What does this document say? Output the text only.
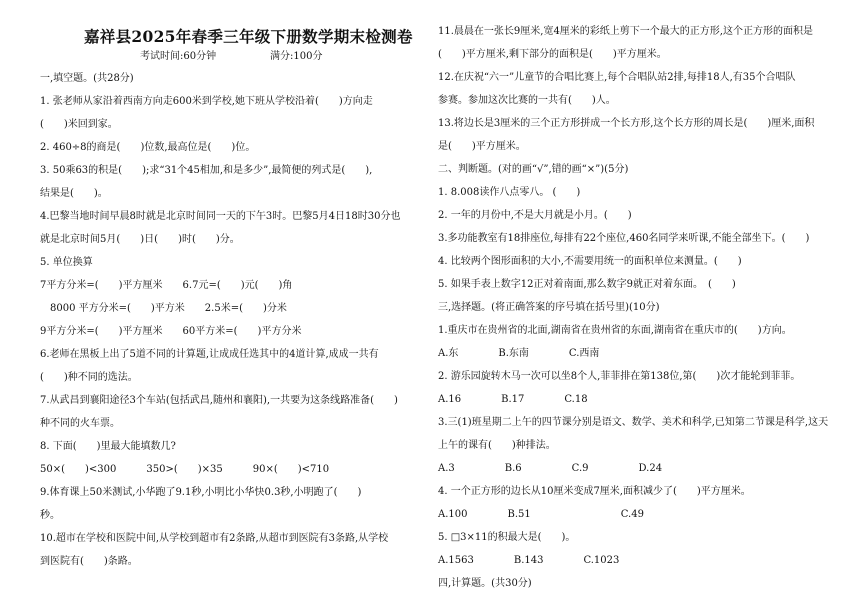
嘉祥县2025年春季三年级下册数学期末检测卷
考试时间:60分钟	满分:100分
一,填空题。(共28分)
1. 张老师从家沿着西南方向走600米到学校,她下班从学校沿着(　　)方向走
(　　)米回到家。
2. 460÷8的商是(　　)位数,最高位是(　　)位。
3. 50乘63的积是(　　);求“31个45相加,和是多少”,最简便的列式是(　　),
结果是(　　)。
4.巴黎当地时间早晨8时就是北京时间同一天的下午3时。巴黎5月4日18时30分也
就是北京时间5月(　　)日(　　)时(　　)分。
5. 单位换算
7平方分米=(　　)平方厘米　　6.7元=(　　)元(　　)角
　8000 平方分米=(　　)平方米　　2.5米=(　　)分米
9平方分米=(　　)平方厘米　　60平方米=(　　)平方分米
6.老师在黑板上出了5道不同的计算题,让成成任选其中的4道计算,成成一共有
(　　)种不同的选法。
7.从武昌到襄阳途径3个车站(包括武昌,随州和襄阳),一共要为这条线路准备(　　)
种不同的火车票。
8. 下面(　　)里最大能填数几?
50×(　　)<300　　　350>(　　)×35　　　90×(　　)<710
9.体育课上50米测试,小华跑了9.1秒,小明比小华快0.3秒,小明跑了(　　)
秒。
10.超市在学校和医院中间,从学校到超市有2条路,从超市到医院有3条路,从学校
到医院有(　　)条路。
11.晨晨在一张长9厘米,宽4厘米的彩纸上剪下一个最大的正方形,这个正方形的面积是
(　　)平方厘米,剩下部分的面积是(　　)平方厘米。
12.在庆祝“六一”儿童节的合唱比赛上,每个合唱队站2排,每排18人,有35个合唱队
参赛。参加这次比赛的一共有(　　)人。
13.将边长是3厘米的三个正方形拼成一个长方形,这个长方形的周长是(　　)厘米,面积
是(　　)平方厘米。
二、判断题。(对的画“√”,错的画“×”)(5分)
1. 8.008读作八点零八。 (　　)
2. 一年的月份中,不是大月就是小月。(　　)
3.多功能教室有18排座位,每排有22个座位,460名同学来听课,不能全部坐下。(　　)
4. 比较两个图形面积的大小,不需要用统一的面积单位来测量。(　　)
5. 如果手表上数字12正对着南面,那么数字9就正对着东面。　(　　)
三,选择题。(将正确答案的序号填在括号里)(10分)
1.重庆市在贵州省的北面,湖南省在贵州省的东面,湖南省在重庆市的(　　)方向。
A.东　　　　B.东南　　　　C.西南
2. 游乐园旋转木马一次可以坐8个人,菲菲排在第138位,第(　　)次才能轮到菲菲。
A.16　　　　B.17　　　　C.18
3.三(1)班星期二上午的四节课分别是语文、数学、美术和科学,已知第二节课是科学,这天
上午的课有(　　)种排法。
A.3　　　　　B.6　　　　　C.9　　　　　D.24
4. 一个正方形的边长从10厘米变成7厘米,面积减少了(　　)平方厘米。
A.100　　　　B.51　　　　　　　　　C.49
5. □3×11的积最大是(　　)。
A.1563　　　　B.143　　　　C.1023
四,计算题。(共30分)
